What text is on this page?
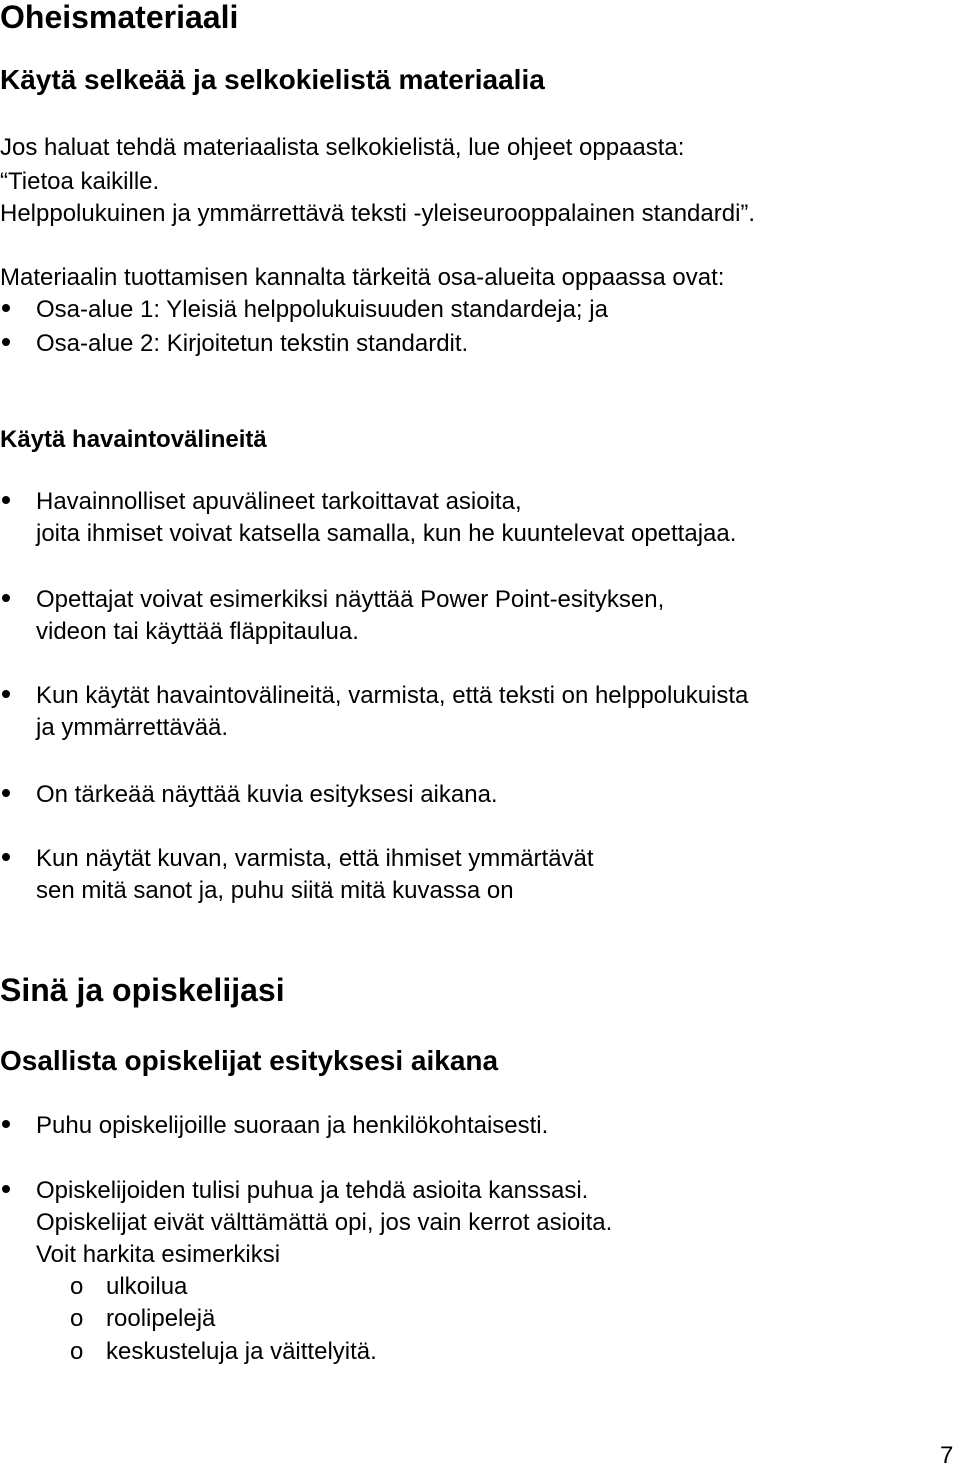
Oheismateriaali
Käytä selkeää ja selkokielistä materiaalia
Jos haluat tehdä materiaalista selkokielistä, lue ohjeet oppaasta:
“Tietoa kaikille.
Helppolukuinen ja ymmärrettävä teksti -yleiseurooppalainen standardi”.
Materiaalin tuottamisen kannalta tärkeitä osa-alueita oppaassa ovat:
Osa-alue 1: Yleisiä helppolukuisuuden standardeja; ja
Osa-alue 2: Kirjoitetun tekstin standardit.
Käytä havaintovälineitä
Havainnolliset apuvälineet tarkoittavat asioita,
joita ihmiset voivat katsella samalla, kun he kuuntelevat opettajaa.
Opettajat voivat esimerkiksi näyttää Power Point-esityksen,
videon tai käyttää fläppitaulua.
Kun käytät havaintovälineitä, varmista, että teksti on helppolukuista
ja ymmärrettävää.
On tärkeää näyttää kuvia esityksesi aikana.
Kun näytät kuvan, varmista, että ihmiset ymmärtävät
sen mitä sanot ja, puhu siitä mitä kuvassa on
Sinä ja opiskelijasi
Osallista opiskelijat esityksesi aikana
Puhu opiskelijoille suoraan ja henkilökohtaisesti.
Opiskelijoiden tulisi puhua ja tehdä asioita kanssasi.
Opiskelijat eivät välttämättä opi, jos vain kerrot asioita.
Voit harkita esimerkiksi
o ulkoilua
o roolipelejä
o keskusteluja ja väittelyitä.
7
